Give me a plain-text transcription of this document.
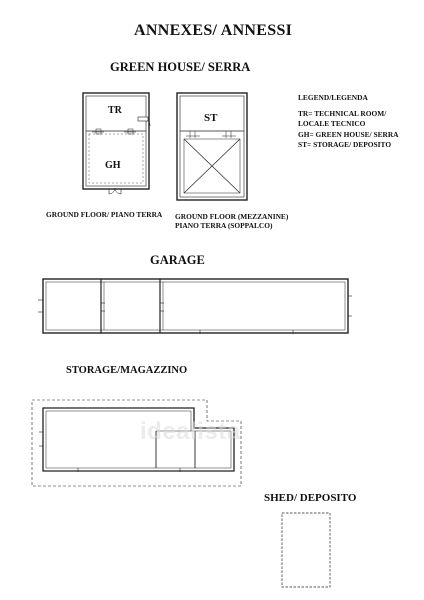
ANNEXES/ ANNESSI
GREEN HOUSE/ SERRA
LEGEND/LEGENDA
TR= TECHNICAL ROOM/
LOCALE TECNICO
GH= GREEN HOUSE/ SERRA
ST= STORAGE/ DEPOSITO
TR
GH
ST
idealista
GROUND FLOOR/ PIANO TERRA GROUND FLOOR (MEZZANINE)
PIANO TERRA (SOPPALCO)
GARAGE
STORAGE/MAGAZZINO
SHED/ DEPOSITO
